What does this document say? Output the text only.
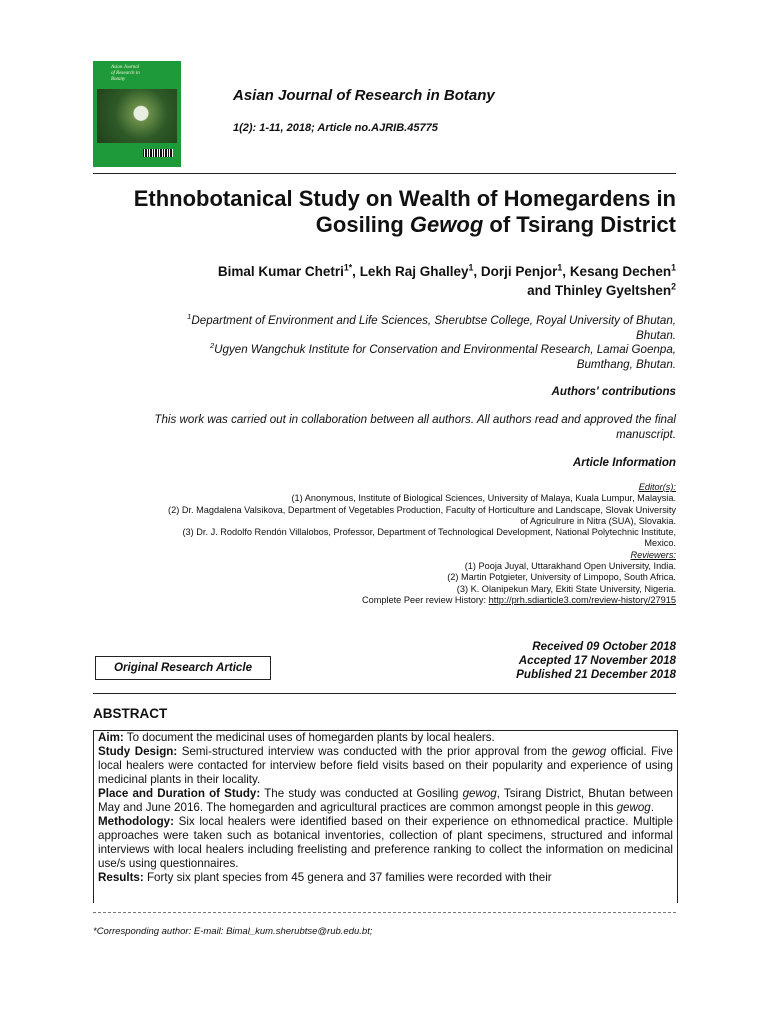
Asian Journal
of Research in
Botany
Asian Journal of Research in Botany
1(2): 1-11, 2018; Article no.AJRIB.45775
Ethnobotanical Study on Wealth of Homegardens in
Gosiling Gewog of Tsirang District
Bimal Kumar Chetri$^{1*}$, Lekh Raj Ghalley$^1$, Dorji Penjor$^1$, Kesang Dechen$^1$
and Thinley Gyeltshen$^2$
$^1$Department of Environment and Life Sciences, Sherubtse College, Royal University of Bhutan,
Bhutan.
$^2$Ugyen Wangchuk Institute for Conservation and Environmental Research, Lamai Goenpa,
Bumthang, Bhutan.
Authors' contributions
This work was carried out in collaboration between all authors. All authors read and approved the final
manuscript.
Article Information
Editor(s):
(1) Anonymous, Institute of Biological Sciences, University of Malaya, Kuala Lumpur, Malaysia.
(2) Dr. Magdalena Valsikova, Department of Vegetables Production, Faculty of Horticulture and Landscape, Slovak University
of Agriculrure in Nitra (SUA), Slovakia.
(3) Dr. J. Rodolfo Rendón Villalobos, Professor, Department of Technological Development, National Polytechnic Institute,
Mexico.
Reviewers:
(1) Pooja Juyal, Uttarakhand Open University, India.
(2) Martin Potgieter, University of Limpopo, South Africa.
(3) K. Olanipekun Mary, Ekiti State University, Nigeria.
Complete Peer review History: http://prh.sdiarticle3.com/review-history/27915
Original Research Article
Received 09 October 2018
Accepted 17 November 2018
Published 21 December 2018
ABSTRACT

Aim: To document the medicinal uses of homegarden plants by local healers.

Study Design: Semi-structured interview was conducted with the prior approval from the gewog official. Five local healers were contacted for interview before field visits based on their popularity and experience of using medicinal plants in their locality.

Place and Duration of Study: The study was conducted at Gosiling gewog, Tsirang District, Bhutan between May and June 2016. The homegarden and agricultural practices are common amongst people in this gewog.

Methodology: Six local healers were identified based on their experience on ethnomedical practice. Multiple approaches were taken such as botanical inventories, collection of plant specimens, structured and informal interviews with local healers including freelisting and preference ranking to collect the information on medicinal use/s using questionnaires.

Results: Forty six plant species from 45 genera and 37 families were recorded with their

*Corresponding author: E-mail: Bimal_kum.sherubtse@rub.edu.bt;
